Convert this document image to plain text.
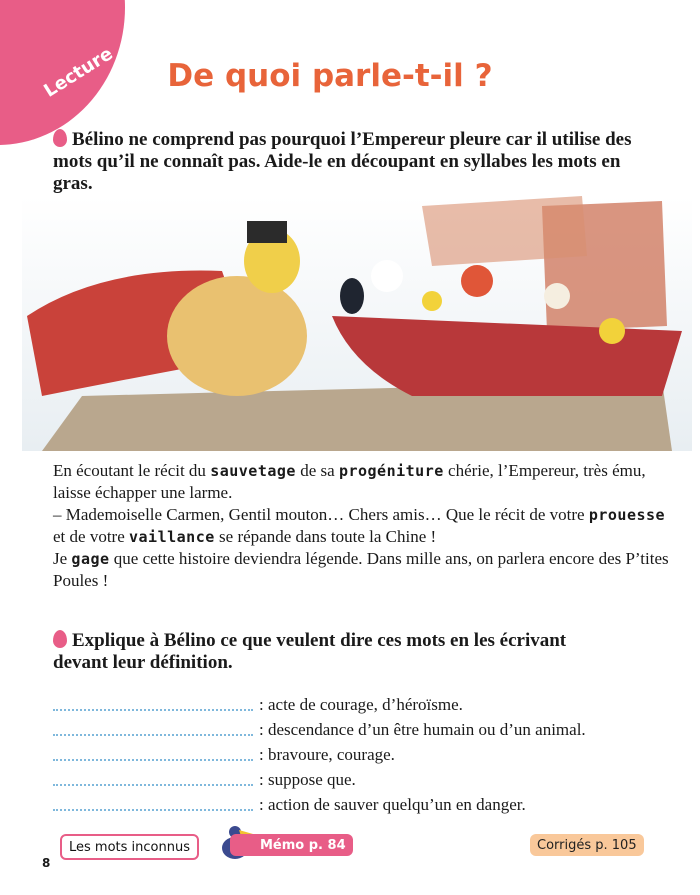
Lecture	De quoi parle-t-il ?
Bélino ne comprend pas pourquoi l’Empereur pleure car il utilise des mots qu’il ne connaît pas. Aide-le en découpant en syllabes les mots en gras.
En écoutant le récit du sauvetage de sa progéniture chérie, l’Empereur, très ému, laisse échapper une larme.
– Mademoiselle Carmen, Gentil mouton… Chers amis… Que le récit de votre prouesse et de votre vaillance se répande dans toute la Chine !
Je gage que cette histoire deviendra légende. Dans mille ans, on parlera encore des P’tites Poules !
Explique à Bélino ce que veulent dire ces mots en les écrivant devant leur définition.
: acte de courage, d’héroïsme.
: descendance d’un être humain ou d’un animal.
: bravoure, courage.
: suppose que.
: action de sauver quelqu’un en danger.
Les mots inconnus	Mémo p. 84	Corrigés p. 105
8
